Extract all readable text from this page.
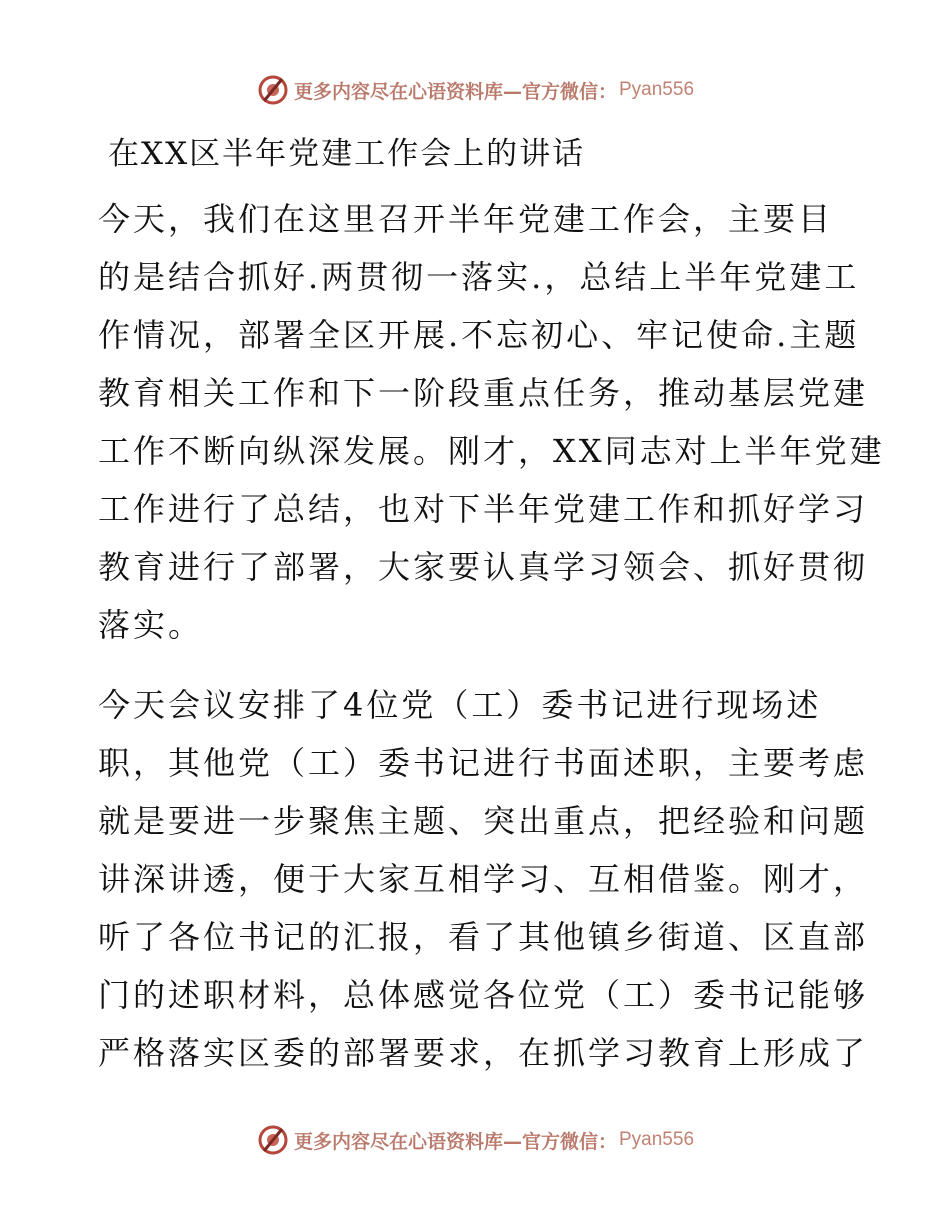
更多内容尽在心语资料库—官方微信： Pyan556
在XX区半年党建工作会上的讲话
今天，我们在这里召开半年党建工作会，主要目
的是结合抓好.两贯彻一落实.，总结上半年党建工
作情况，部署全区开展.不忘初心、牢记使命.主题
教育相关工作和下一阶段重点任务，推动基层党建
工作不断向纵深发展。刚才，XX同志对上半年党建
工作进行了总结，也对下半年党建工作和抓好学习
教育进行了部署，大家要认真学习领会、抓好贯彻
落实。
今天会议安排了4位党（工）委书记进行现场述
职，其他党（工）委书记进行书面述职，主要考虑
就是要进一步聚焦主题、突出重点，把经验和问题
讲深讲透，便于大家互相学习、互相借鉴。刚才，
听了各位书记的汇报，看了其他镇乡街道、区直部
门的述职材料，总体感觉各位党（工）委书记能够
严格落实区委的部署要求，在抓学习教育上形成了
更多内容尽在心语资料库—官方微信： Pyan556
